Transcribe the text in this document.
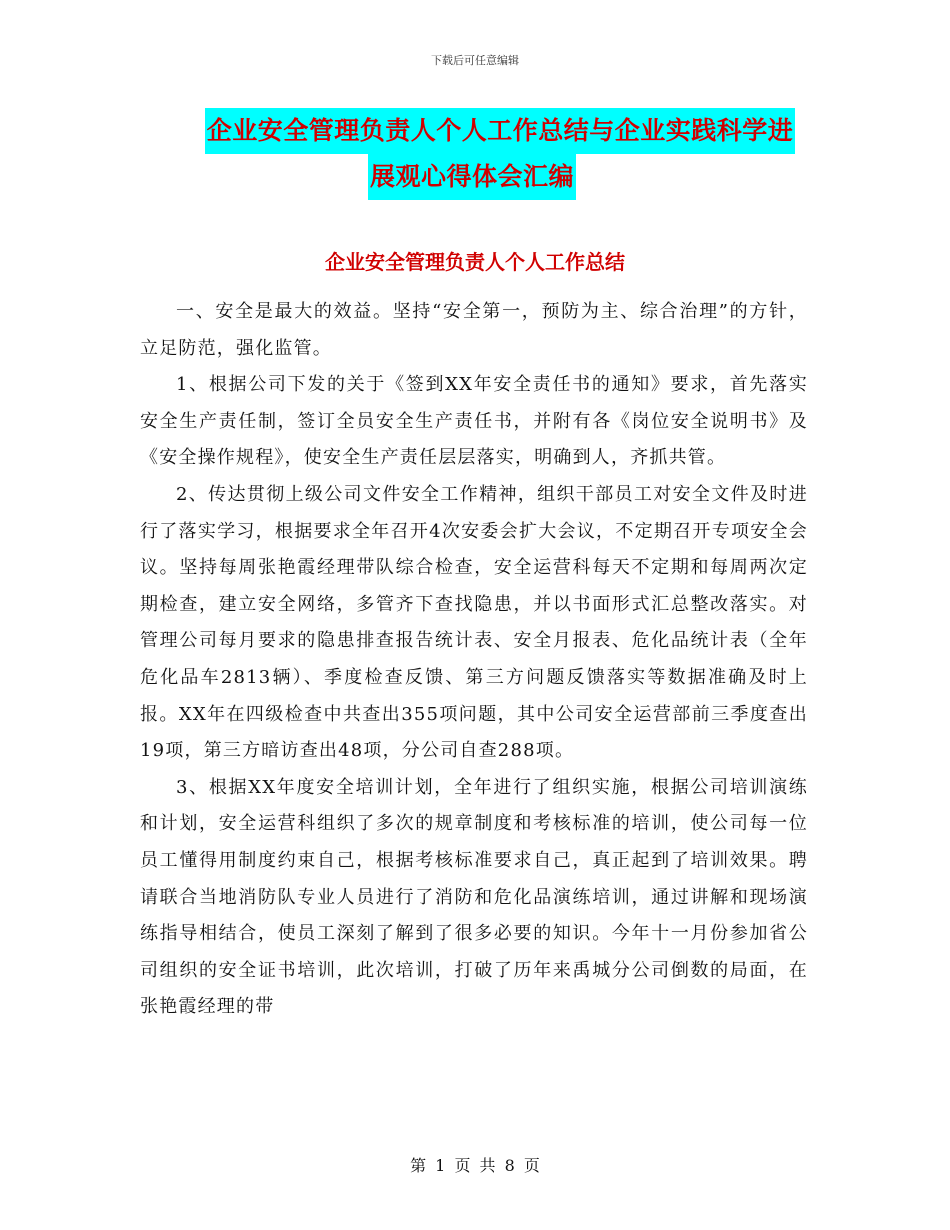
下载后可任意编辑
企业安全管理负责人个人工作总结与企业实践科学进
展观心得体会汇编
企业安全管理负责人个人工作总结

一、安全是最大的效益。坚持“安全第一，预防为主、综合治理”的方针，立足防范，强化监管。

1、根据公司下发的关于《签到XX年安全责任书的通知》要求，首先落实安全生产责任制，签订全员安全生产责任书，并附有各《岗位安全说明书》及《安全操作规程》，使安全生产责任层层落实，明确到人，齐抓共管。

2、传达贯彻上级公司文件安全工作精神，组织干部员工对安全文件及时进行了落实学习，根据要求全年召开4次安委会扩大会议，不定期召开专项安全会议。坚持每周张艳霞经理带队综合检查，安全运营科每天不定期和每周两次定期检查，建立安全网络，多管齐下查找隐患，并以书面形式汇总整改落实。对管理公司每月要求的隐患排查报告统计表、安全月报表、危化品统计表（全年危化品车2813辆）、季度检查反馈、第三方问题反馈落实等数据准确及时上报。XX年在四级检查中共查出355项问题，其中公司安全运营部前三季度查出19项，第三方暗访查出48项，分公司自查288项。

3、根据XX年度安全培训计划，全年进行了组织实施，根据公司培训演练和计划，安全运营科组织了多次的规章制度和考核标准的培训，使公司每一位员工懂得用制度约束自己，根据考核标准要求自己，真正起到了培训效果。聘请联合当地消防队专业人员进行了消防和危化品演练培训，通过讲解和现场演练指导相结合，使员工深刻了解到了很多必要的知识。今年十一月份参加省公司组织的安全证书培训，此次培训，打破了历年来禹城分公司倒数的局面，在张艳霞经理的带

第 1 页 共 8 页
